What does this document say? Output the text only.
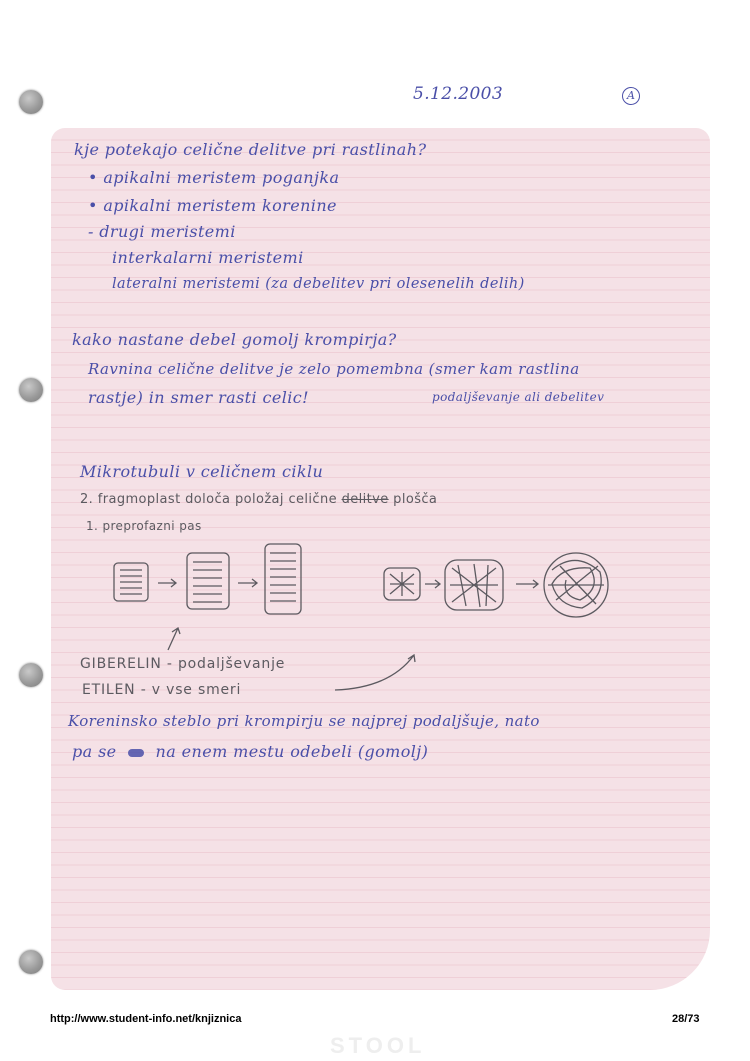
5.12.2003	A
kje potekajo celične delitve pri rastlinah?
• apikalni meristem poganjka
• apikalni meristem korenine
- drugi meristemi
interkalarni meristemi
lateralni meristemi (za debelitev pri olesenelih delih)
kako nastane debel gomolj krompirja?
Ravnina celične delitve je zelo pomembna (smer kam rastlina
rastje) in smer rasti celic!	podaljševanje ali debelitev
Mikrotubuli v celičnem ciklu
2. fragmoplast določa položaj celične delitve plošča
1. preprofazni pas
GIBERELIN - podaljševanje
ETILEN - v vse smeri
Koreninsko steblo pri krompirju se najprej podaljšuje, nato
pa se na enem mestu odebeli (gomolj)
http://www.student-info.net/knjiznica	28/73
STOOL
